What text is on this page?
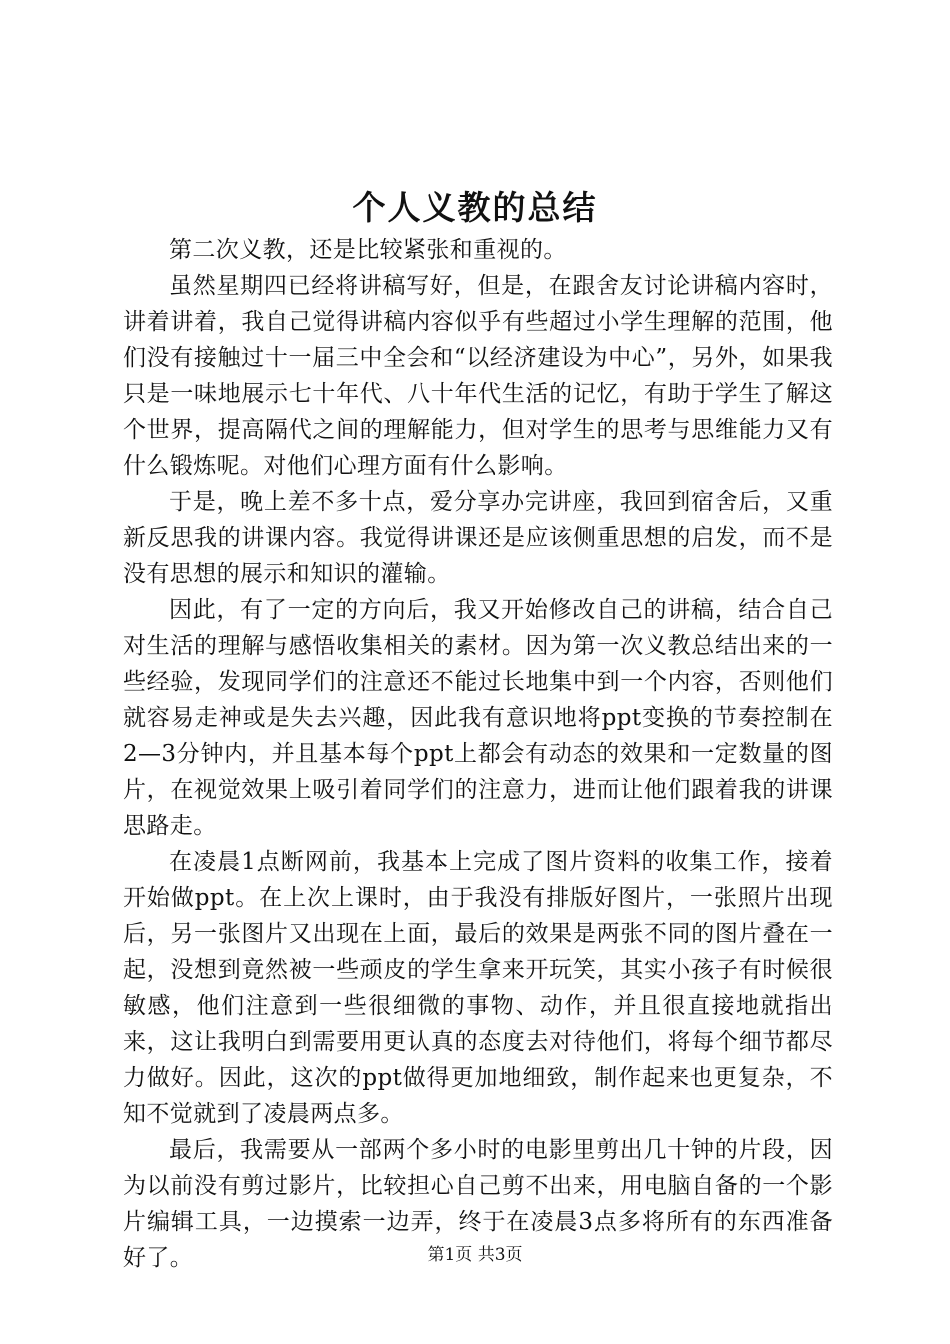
个人义教的总结

第二次义教，还是比较紧张和重视的。

虽然星期四已经将讲稿写好，但是，在跟舍友讨论讲稿内容时，讲着讲着，我自己觉得讲稿内容似乎有些超过小学生理解的范围，他们没有接触过十一届三中全会和“以经济建设为中心”，另外，如果我只是一味地展示七十年代、八十年代生活的记忆，有助于学生了解这个世界，提高隔代之间的理解能力，但对学生的思考与思维能力又有什么锻炼呢。对他们心理方面有什么影响。

于是，晚上差不多十点，爱分享办完讲座，我回到宿舍后，又重新反思我的讲课内容。我觉得讲课还是应该侧重思想的启发，而不是没有思想的展示和知识的灌输。

因此，有了一定的方向后，我又开始修改自己的讲稿，结合自己对生活的理解与感悟收集相关的素材。因为第一次义教总结出来的一些经验，发现同学们的注意还不能过长地集中到一个内容，否则他们就容易走神或是失去兴趣，因此我有意识地将ppt变换的节奏控制在2—3分钟内，并且基本每个ppt上都会有动态的效果和一定数量的图片，在视觉效果上吸引着同学们的注意力，进而让他们跟着我的讲课思路走。

在凌晨1点断网前，我基本上完成了图片资料的收集工作，接着开始做ppt。在上次上课时，由于我没有排版好图片，一张照片出现后，另一张图片又出现在上面，最后的效果是两张不同的图片叠在一起，没想到竟然被一些顽皮的学生拿来开玩笑，其实小孩子有时候很敏感，他们注意到一些很细微的事物、动作，并且很直接地就指出来，这让我明白到需要用更认真的态度去对待他们，将每个细节都尽力做好。因此，这次的ppt做得更加地细致，制作起来也更复杂，不知不觉就到了凌晨两点多。

最后，我需要从一部两个多小时的电影里剪出几十钟的片段，因为以前没有剪过影片，比较担心自己剪不出来，用电脑自备的一个影片编辑工具，一边摸索一边弄，终于在凌晨3点多将所有的东西准备好了。	第1页 共3页
